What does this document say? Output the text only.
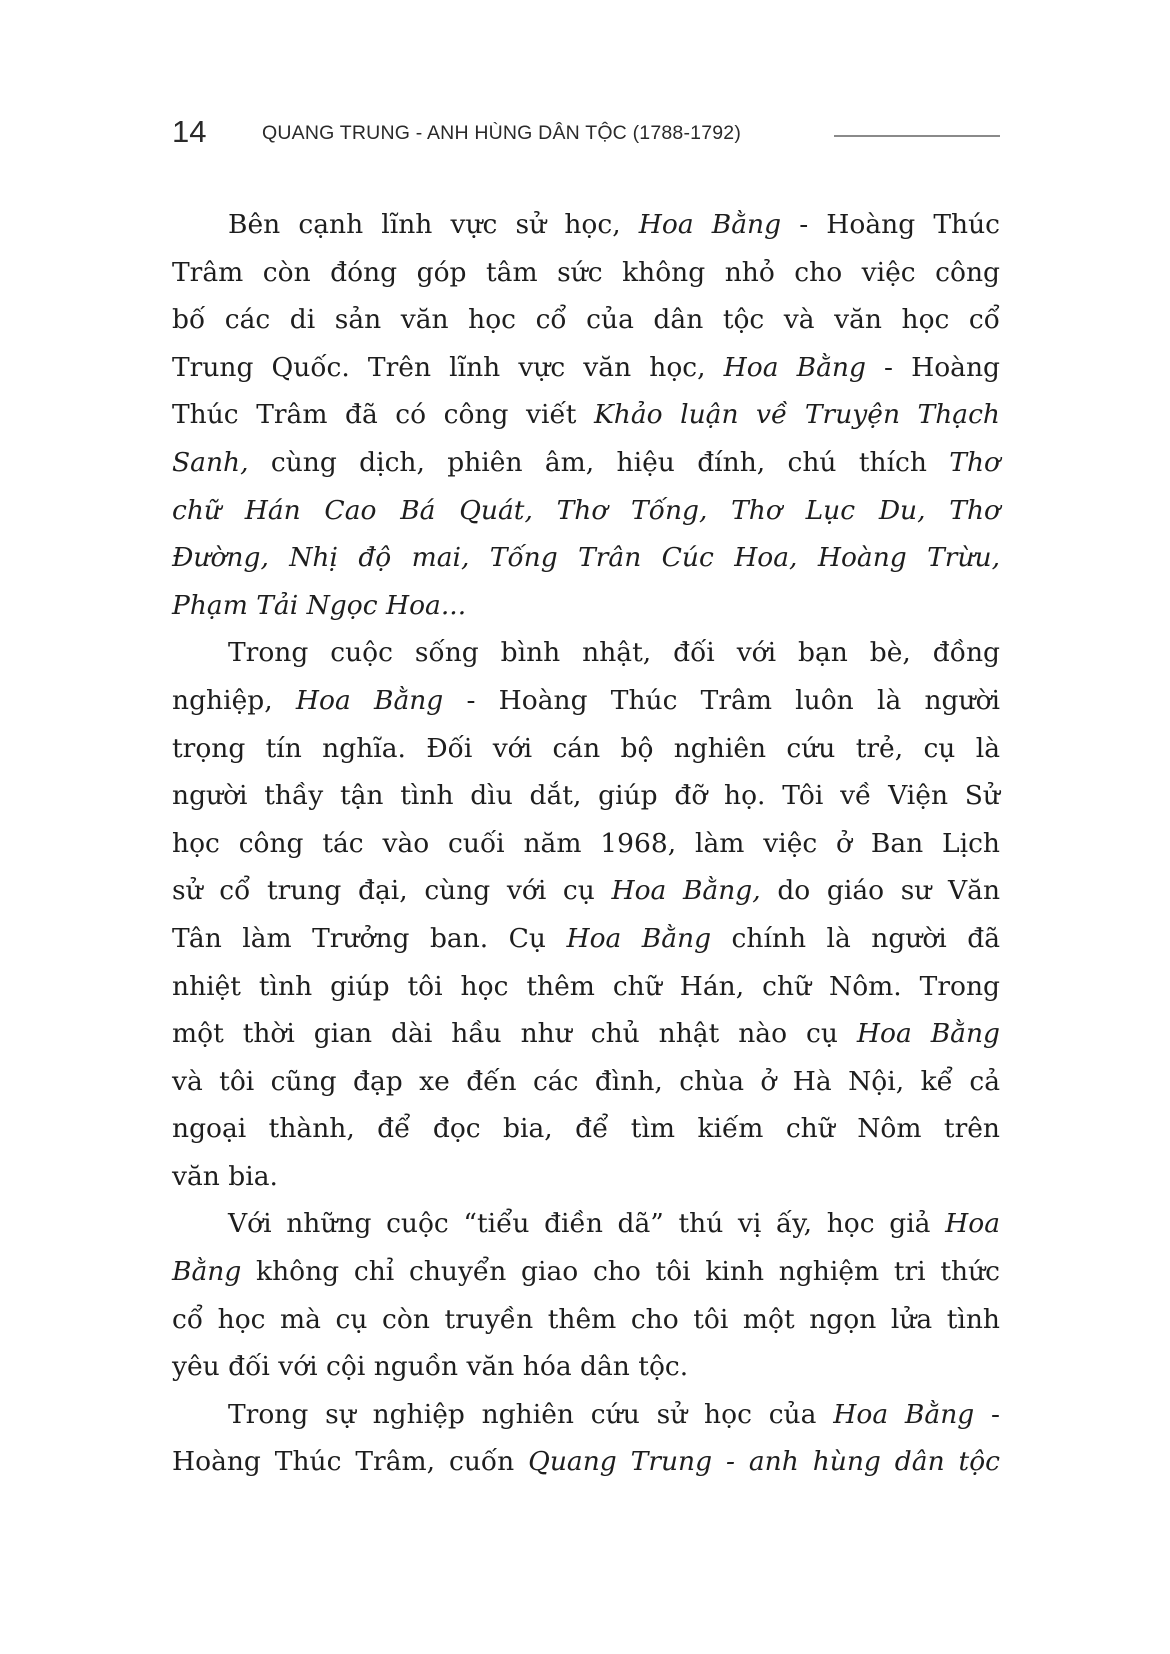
14	QUANG TRUNG - ANH HÙNG DÂN TỘC (1788-1792)
Bên cạnh lĩnh vực sử học, Hoa Bằng - Hoàng Thúc
Trâm còn đóng góp tâm sức không nhỏ cho việc công
bố các di sản văn học cổ của dân tộc và văn học cổ
Trung Quốc. Trên lĩnh vực văn học, Hoa Bằng - Hoàng
Thúc Trâm đã có công viết Khảo luận về Truyện Thạch
Sanh, cùng dịch, phiên âm, hiệu đính, chú thích Thơ
chữ Hán Cao Bá Quát, Thơ Tống, Thơ Lục Du, Thơ
Đường, Nhị độ mai, Tống Trân Cúc Hoa, Hoàng Trừu,
Phạm Tải Ngọc Hoa...
Trong cuộc sống bình nhật, đối với bạn bè, đồng
nghiệp, Hoa Bằng - Hoàng Thúc Trâm luôn là người
trọng tín nghĩa. Đối với cán bộ nghiên cứu trẻ, cụ là
người thầy tận tình dìu dắt, giúp đỡ họ. Tôi về Viện Sử
học công tác vào cuối năm 1968, làm việc ở Ban Lịch
sử cổ trung đại, cùng với cụ Hoa Bằng, do giáo sư Văn
Tân làm Trưởng ban. Cụ Hoa Bằng chính là người đã
nhiệt tình giúp tôi học thêm chữ Hán, chữ Nôm. Trong
một thời gian dài hầu như chủ nhật nào cụ Hoa Bằng
và tôi cũng đạp xe đến các đình, chùa ở Hà Nội, kể cả
ngoại thành, để đọc bia, để tìm kiếm chữ Nôm trên
văn bia.
Với những cuộc “tiểu điền dã” thú vị ấy, học giả Hoa
Bằng không chỉ chuyển giao cho tôi kinh nghiệm tri thức
cổ học mà cụ còn truyền thêm cho tôi một ngọn lửa tình
yêu đối với cội nguồn văn hóa dân tộc.
Trong sự nghiệp nghiên cứu sử học của Hoa Bằng -
Hoàng Thúc Trâm, cuốn Quang Trung - anh hùng dân tộc
